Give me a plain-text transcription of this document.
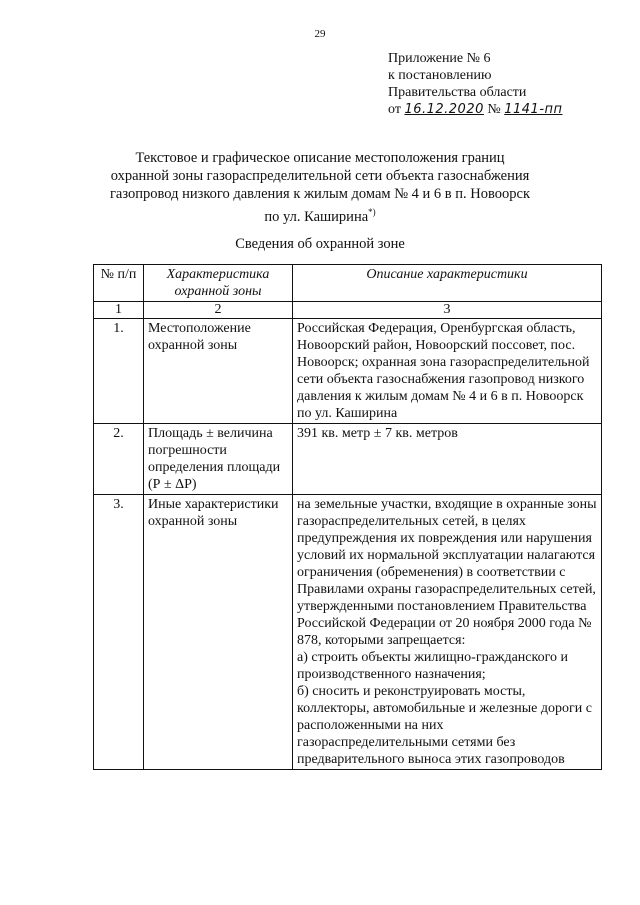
29
Приложение № 6
к постановлению
Правительства области
от 16.12.2020 № 1141-пп
Текстовое и графическое описание местоположения границ
охранной зоны газораспределительной сети объекта газоснабжения
газопровод низкого давления к жилым домам № 4 и 6 в п. Новоорск
по ул. Каширина*)
Сведения об охранной зоне
№ п/п	Характеристика охранной зоны	Описание характеристики
1	2	3
1.	Местоположение охранной зоны	Российская Федерация, Оренбургская область, Новоорский район, Новоорский поссовет, пос. Новоорск; охранная зона газораспределительной сети объекта газоснабжения газопровод низкого давления к жилым домам № 4 и 6 в п. Новоорск по ул. Каширина

2.	Площадь ± величина погрешности определения площади (Р ± ΔР)	391 кв. метр ± 7 кв. метров

3.	Иные характеристики охранной зоны	на земельные участки, входящие в охранные зоны газораспределительных сетей, в целях предупреждения их повреждения или нарушения условий их нормальной эксплуатации налагаются ограничения (обременения) в соответствии с Правилами охраны газораспределительных сетей, утвержденными постановлением Правительства Российской Федерации от 20 ноября 2000 года № 878, которыми запрещается:
а) строить объекты жилищно-гражданского и производственного назначения;
б) сносить и реконструировать мосты, коллекторы, автомобильные и железные дороги с расположенными на них газораспределительными сетями без предварительного выноса этих газопроводов
